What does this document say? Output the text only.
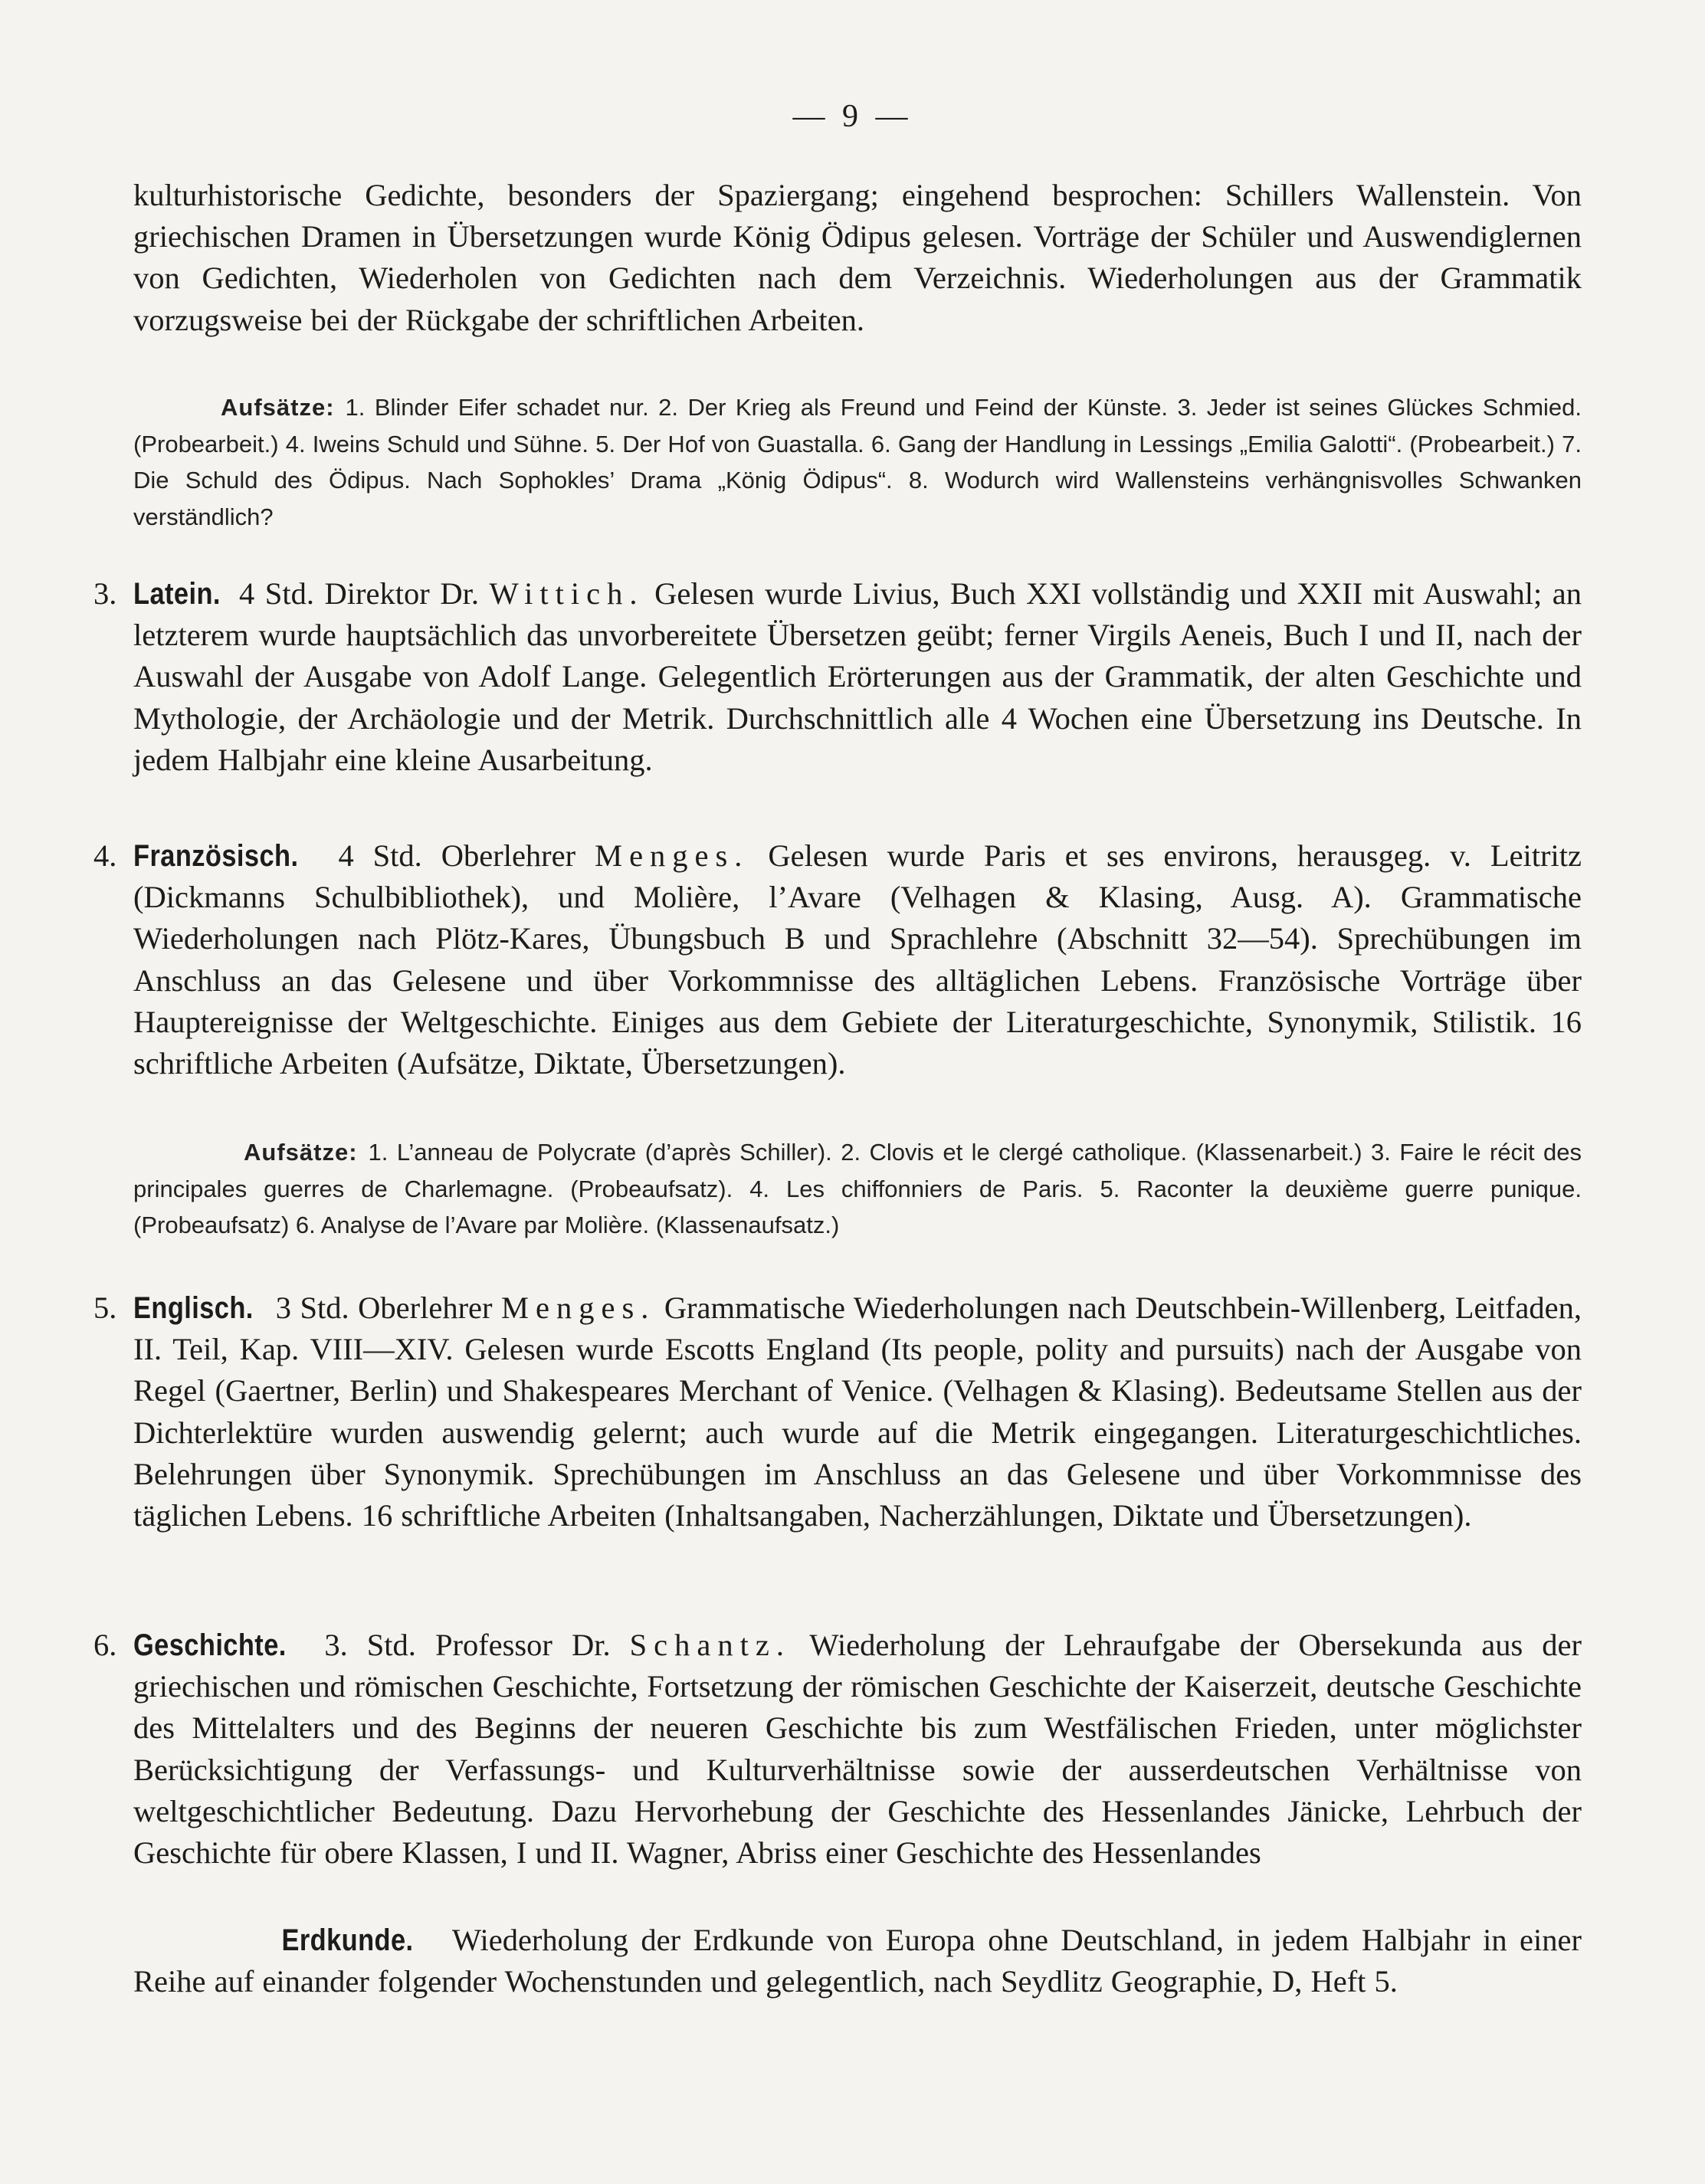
— 9 —

kulturhistorische Gedichte, besonders der Spaziergang; eingehend besprochen: Schillers Wallenstein. Von griechischen Dramen in Übersetzungen wurde König Ödipus gelesen. Vorträge der Schüler und Auswendiglernen von Gedichten, Wiederholen von Gedichten nach dem Verzeichnis. Wiederholungen aus der Grammatik vorzugsweise bei der Rückgabe der schriftlichen Arbeiten.

Aufsätze: 1. Blinder Eifer schadet nur. 2. Der Krieg als Freund und Feind der Künste. 3. Jeder ist seines Glückes Schmied. (Probearbeit.) 4. Iweins Schuld und Sühne. 5. Der Hof von Guastalla. 6. Gang der Handlung in Lessings „Emilia Galotti“. (Probearbeit.) 7. Die Schuld des Ödipus. Nach Sophokles’ Drama „König Ödipus“. 8. Wodurch wird Wallensteins verhängnisvolles Schwanken verständlich?

3. Latein. 4 Std. Direktor Dr. Wittich. Gelesen wurde Livius, Buch XXI vollständig und XXII mit Auswahl; an letzterem wurde hauptsächlich das unvorbereitete Übersetzen geübt; ferner Virgils Aeneis, Buch I und II, nach der Auswahl der Ausgabe von Adolf Lange. Gelegentlich Erörterungen aus der Grammatik, der alten Geschichte und Mythologie, der Archäologie und der Metrik. Durchschnittlich alle 4 Wochen eine Übersetzung ins Deutsche. In jedem Halbjahr eine kleine Ausarbeitung.

4. Französisch. 4 Std. Oberlehrer Menges. Gelesen wurde Paris et ses environs, herausgeg. v. Leitritz (Dickmanns Schulbibliothek), und Molière, l’Avare (Velhagen & Klasing, Ausg. A). Grammatische Wiederholungen nach Plötz-Kares, Übungsbuch B und Sprachlehre (Abschnitt 32—54). Sprechübungen im Anschluss an das Gelesene und über Vorkommnisse des alltäglichen Lebens. Französische Vorträge über Hauptereignisse der Weltgeschichte. Einiges aus dem Gebiete der Literaturgeschichte, Synonymik, Stilistik. 16 schriftliche Arbeiten (Aufsätze, Diktate, Übersetzungen).

Aufsätze: 1. L’anneau de Polycrate (d’après Schiller). 2. Clovis et le clergé catholique. (Klassenarbeit.) 3. Faire le récit des principales guerres de Charlemagne. (Probeaufsatz). 4. Les chiffonniers de Paris. 5. Raconter la deuxième guerre punique. (Probeaufsatz) 6. Analyse de l’Avare par Molière. (Klassenaufsatz.)

5. Englisch. 3 Std. Oberlehrer Menges. Grammatische Wiederholungen nach Deutschbein-Willenberg, Leitfaden, II. Teil, Kap. VIII—XIV. Gelesen wurde Escotts England (Its people, polity and pursuits) nach der Ausgabe von Regel (Gaertner, Berlin) und Shakespeares Merchant of Venice. (Velhagen & Klasing). Bedeutsame Stellen aus der Dichterlektüre wurden auswendig gelernt; auch wurde auf die Metrik eingegangen. Literaturgeschichtliches. Belehrungen über Synonymik. Sprechübungen im Anschluss an das Gelesene und über Vorkommnisse des täglichen Lebens. 16 schriftliche Arbeiten (Inhaltsangaben, Nacherzählungen, Diktate und Übersetzungen).

6. Geschichte. 3. Std. Professor Dr. Schantz. Wiederholung der Lehraufgabe der Obersekunda aus der griechischen und römischen Geschichte, Fortsetzung der römischen Geschichte der Kaiserzeit, deutsche Geschichte des Mittelalters und des Beginns der neueren Geschichte bis zum Westfälischen Frieden, unter möglichster Berücksichtigung der Verfassungs- und Kulturverhältnisse sowie der ausserdeutschen Verhältnisse von weltgeschichtlicher Bedeutung. Dazu Hervorhebung der Geschichte des Hessenlandes Jänicke, Lehrbuch der Geschichte für obere Klassen, I und II. Wagner, Abriss einer Geschichte des Hessenlandes

Erdkunde. Wiederholung der Erdkunde von Europa ohne Deutschland, in jedem Halbjahr in einer Reihe auf einander folgender Wochenstunden und gelegentlich, nach Seydlitz Geographie, D, Heft 5.
